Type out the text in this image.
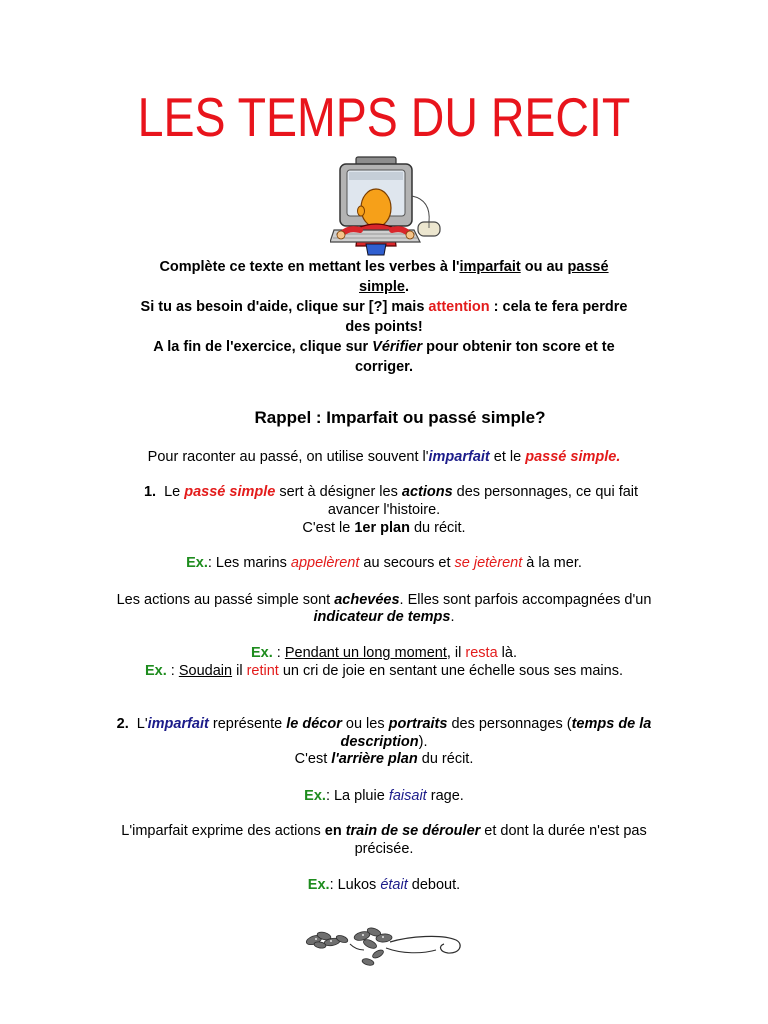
LES TEMPS DU RECIT
Complète ce texte en mettant les verbes à l'imparfait ou au passé
simple.
Si tu as besoin d'aide, clique sur [?] mais attention : cela te fera perdre
des points!
A la fin de l'exercice, clique sur Vérifier pour obtenir ton score et te
corriger.
Rappel : Imparfait ou passé simple?
Pour raconter au passé, on utilise souvent l'imparfait et le passé simple.
1.  Le passé simple sert à désigner les actions des personnages, ce qui fait
avancer l'histoire.
C'est le 1er plan du récit.
Ex.: Les marins appelèrent au secours et se jetèrent à la mer.
Les actions au passé simple sont achevées. Elles sont parfois accompagnées d'un
indicateur de temps.
Ex. : Pendant un long moment, il resta là.
Ex. : Soudain il retint un cri de joie en sentant une échelle sous ses mains.
2.  L'imparfait représente le décor ou les portraits des personnages (temps de la
description).
C'est l'arrière plan du récit.
Ex.: La pluie faisait rage.
L'imparfait exprime des actions en train de se dérouler et dont la durée n'est pas
précisée.
Ex.: Lukos était debout.
